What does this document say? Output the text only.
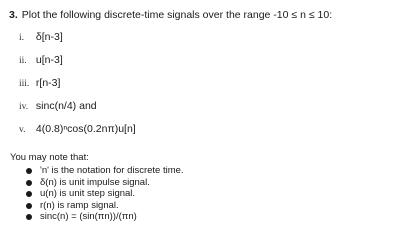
3. Plot the following discrete-time signals over the range -10 ≤ n ≤ 10:
i. δ[n-3]
ii. u[n-3]
iii. r[n-3]
iv. sinc(n/4) and
v. 4(0.8)ⁿcos(0.2nπ)u[n]
You may note that:
'n' is the notation for discrete time.
δ(n) is unit impulse signal.
u(n) is unit step signal.
r(n) is ramp signal.
sinc(n) = (sin(πn))/(πn)
